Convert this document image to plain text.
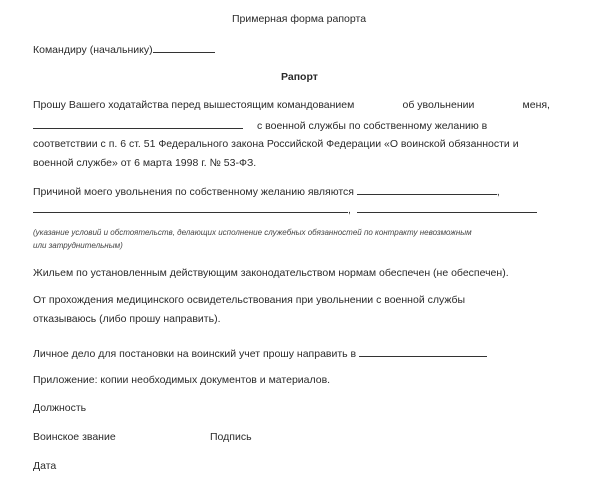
Примерная форма рапорта
Командиру (начальнику)
Рапорт
Прошу Вашего ходатайства перед вышестоящим командованием	об увольнении	меня,
с военной службы по собственному желанию в
соответствии с п. 6 ст. 51 Федерального закона Российской Федерации «О воинской обязанности и
военной службе» от 6 марта 1998 г. № 53-ФЗ.
Причиной моего увольнения по собственному желанию являются	,
,
(указание условий и обстоятельств, делающих исполнение служебных обязанностей по контракту невозможным
или затруднительным)
Жильем по установленным действующим законодательством нормам обеспечен (не обеспечен).
От прохождения медицинского освидетельствования при увольнении с военной службы
отказываюсь (либо прошу направить).
Личное дело для постановки на воинский учет прошу направить в
Приложение: копии необходимых документов и материалов.
Должность
Воинское звание	Подпись
Дата
